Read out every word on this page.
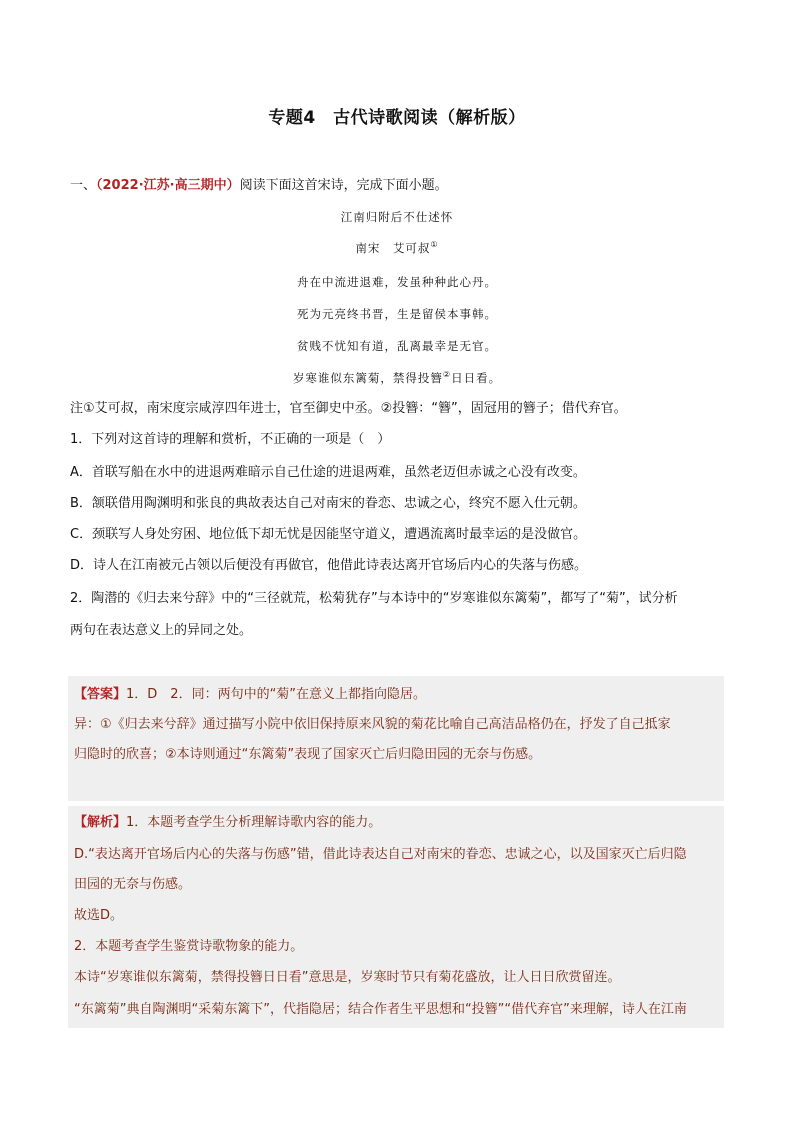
专题4　古代诗歌阅读（解析版）
一、（2022·江苏·高三期中）阅读下面这首宋诗，完成下面小题。
江南归附后不仕述怀
南宋　艾可叔①
舟在中流进退难，发虽种种此心丹。
死为元亮终书晋，生是留侯本事韩。
贫贱不忧知有道，乱离最幸是无官。
岁寒谁似东篱菊，禁得投簪②日日看。
注①艾可叔，南宋度宗咸淳四年进士，官至御史中丞。②投簪：“簪”，固冠用的簪子；借代弃官。
1．下列对这首诗的理解和赏析，不正确的一项是（　）
A．首联写船在水中的进退两难暗示自己仕途的进退两难，虽然老迈但赤诚之心没有改变。
B．颔联借用陶渊明和张良的典故表达自己对南宋的眷恋、忠诚之心，终究不愿入仕元朝。
C．颈联写人身处穷困、地位低下却无忧是因能坚守道义，遭遇流离时最幸运的是没做官。
D．诗人在江南被元占领以后便没有再做官，他借此诗表达离开官场后内心的失落与伤感。
2．陶潜的《归去来兮辞》中的“三径就荒，松菊犹存”与本诗中的“岁寒谁似东篱菊”，都写了“菊”，试分析
两句在表达意义上的异同之处。
【答案】1．D　2．同：两句中的“菊”在意义上都指向隐居。
异：①《归去来兮辞》通过描写小院中依旧保持原来风貌的菊花比喻自己高洁品格仍在，抒发了自己抵家
归隐时的欣喜；②本诗则通过“东篱菊”表现了国家灭亡后归隐田园的无奈与伤感。
【解析】1．本题考查学生分析理解诗歌内容的能力。
D.“表达离开官场后内心的失落与伤感”错，借此诗表达自己对南宋的眷恋、忠诚之心，以及国家灭亡后归隐
田园的无奈与伤感。
故选D。
2．本题考查学生鉴赏诗歌物象的能力。
本诗“岁寒谁似东篱菊，禁得投簪日日看”意思是，岁寒时节只有菊花盛放，让人日日欣赏留连。
“东篱菊”典自陶渊明“采菊东篱下”，代指隐居；结合作者生平思想和“投簪”“借代弃官”来理解，诗人在江南
